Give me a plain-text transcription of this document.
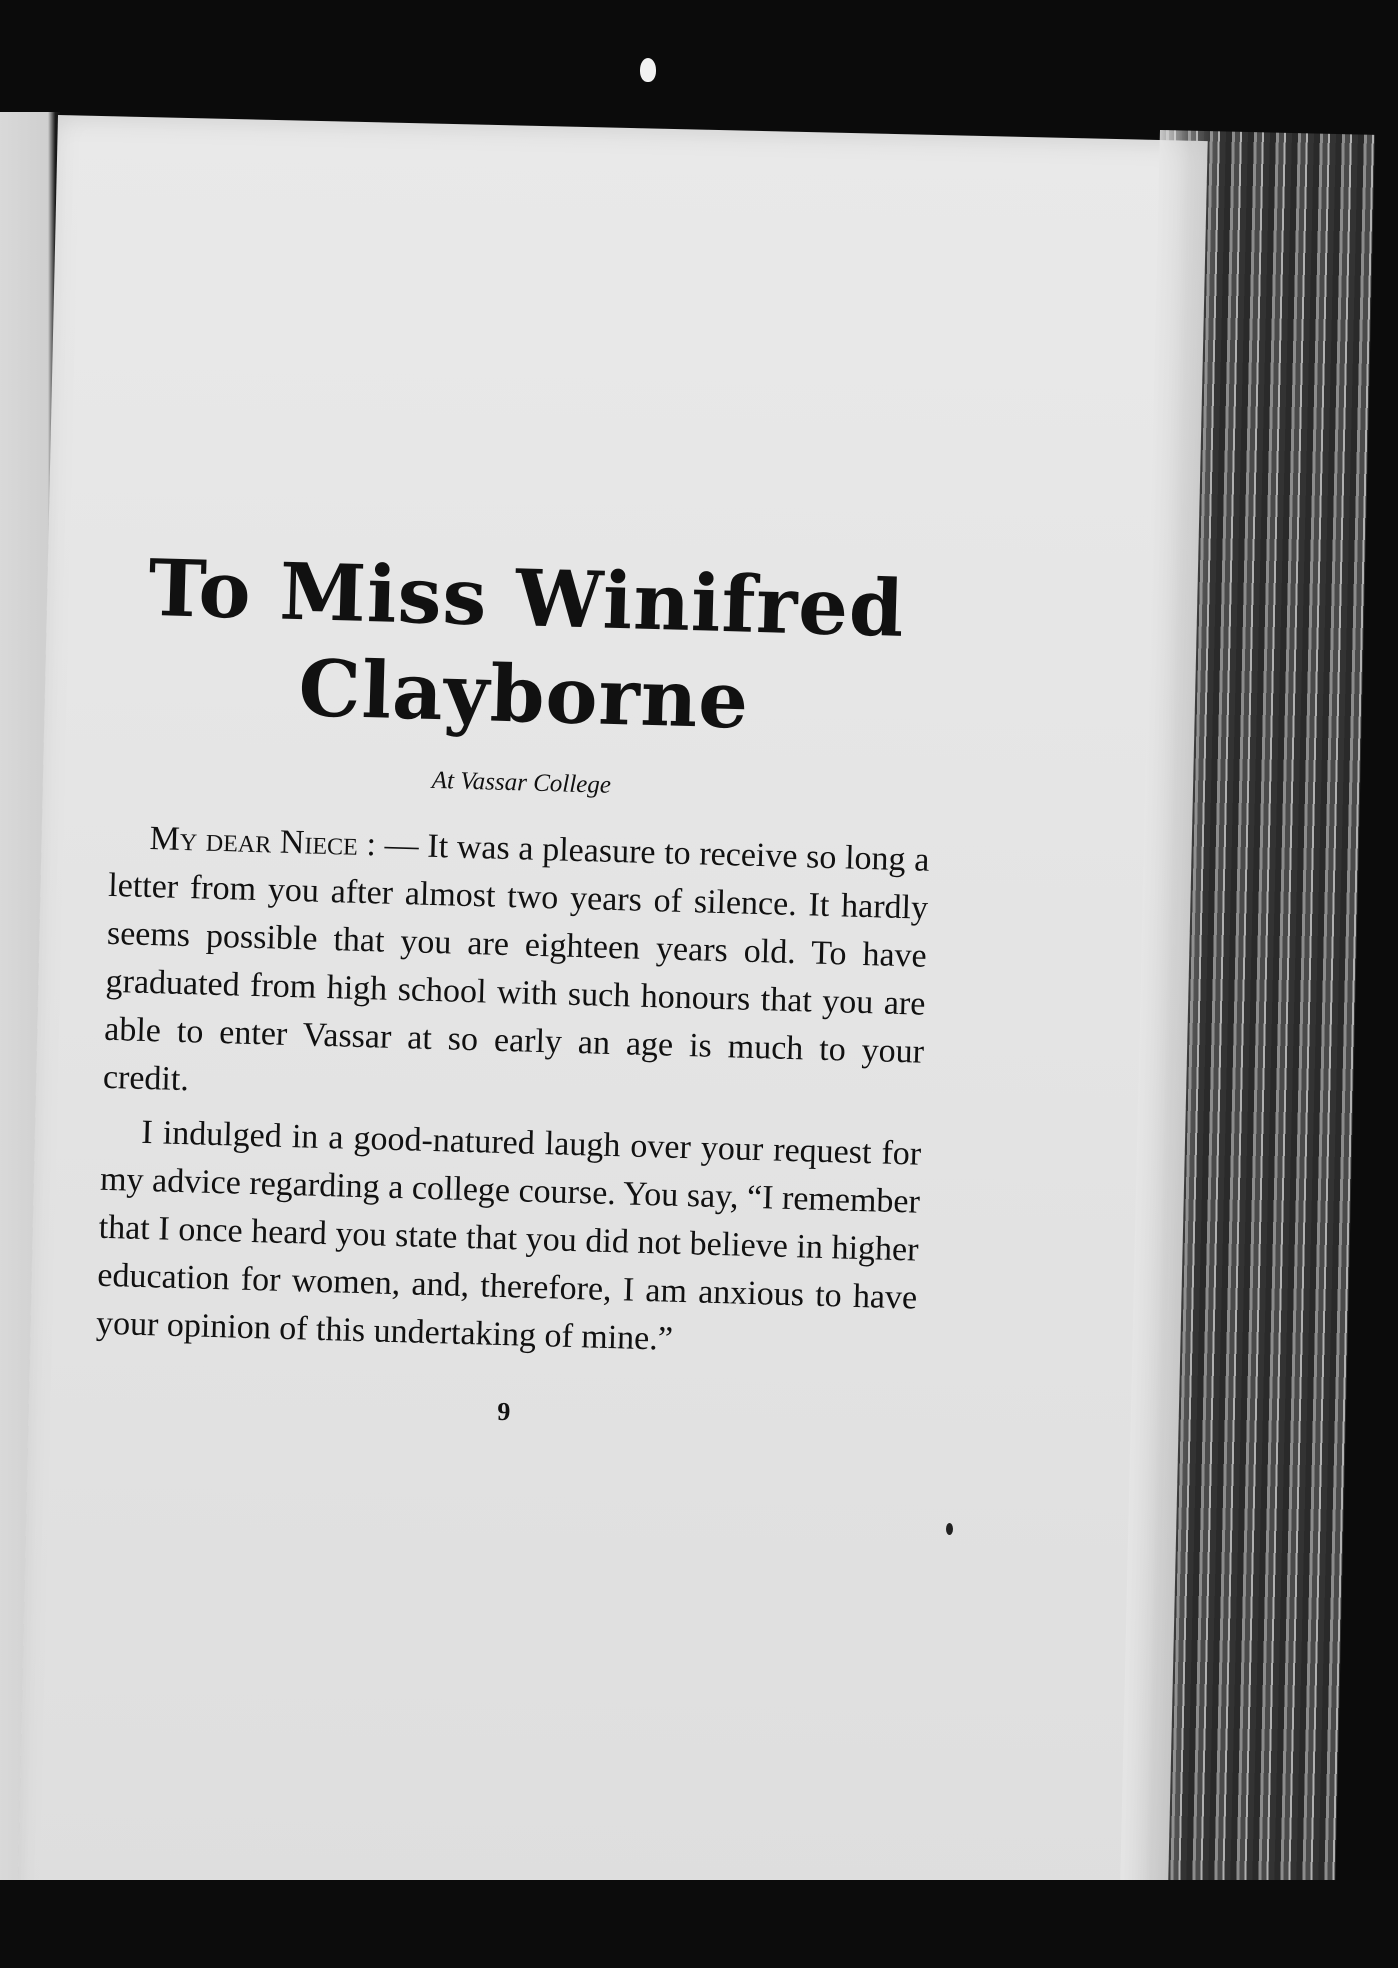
To Miss Winifred Clayborne
At Vassar College

My dear Niece : — It was a pleasure to receive so long a letter from you after almost two years of silence. It hardly seems possible that you are eighteen years old. To have graduated from high school with such honours that you are able to enter Vassar at so early an age is much to your credit.

I indulged in a good-natured laugh over your request for my advice regarding a college course. You say, “I remember that I once heard you state that you did not believe in higher education for women, and, therefore, I am anxious to have your opinion of this undertaking of mine.”

9
